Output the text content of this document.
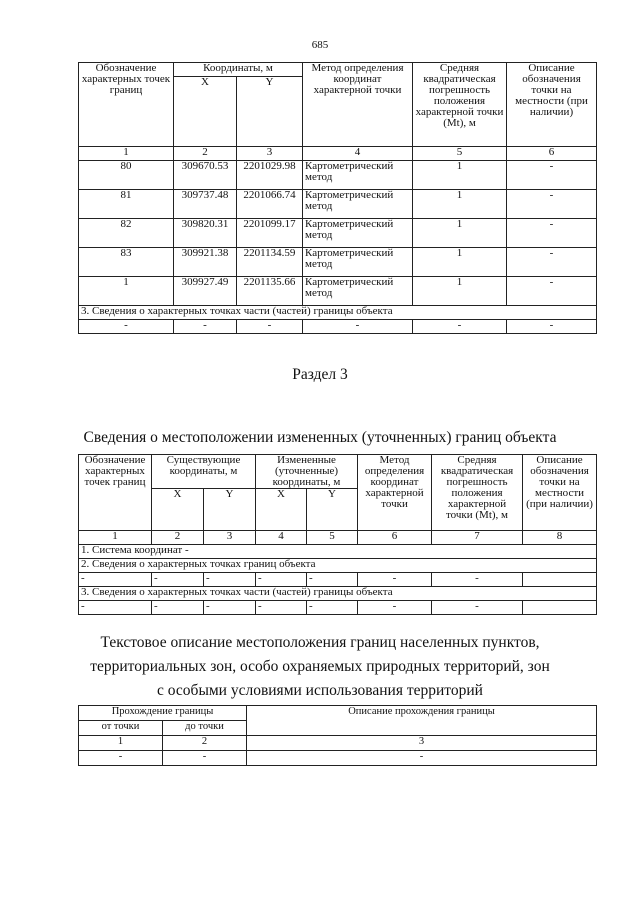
685
Обозначение характерных точек границ	Координаты, м		Метод определения координат характерной точки	Средняя квадратическая погрешность положения характерной точки (Mt), м	Описание обозначения точки на местности (при наличии)
	X	Y			
1	2	3	4	5	6
80	309670.53	2201029.98	Картометрический метод	1	-
81	309737.48	2201066.74	Картометрический метод	1	-
82	309820.31	2201099.17	Картометрический метод	1	-
83	309921.38	2201134.59	Картометрический метод	1	-
1	309927.49	2201135.66	Картометрический метод	1	-
3. Сведения о характерных точках части (частей) границы объекта					
-	-	-	-	-	-
Раздел 3
Сведения о местоположении измененных (уточненных) границ объекта
Обозначение характерных точек границ	Существующие координаты, м		Измененные (уточненные) координаты, м		Метод определения координат характерной точки	Средняя квадратическая погрешность положения характерной точки (Mt), м	Описание обозначения точки на местности (при наличии)
	X	Y	X	Y			
1	2	3	4	5	6	7	8
1. Система координат -							
2. Сведения о характерных точках границ объекта							
-	-	-	-	-	-	-	
3. Сведения о характерных точках части (частей) границы объекта							
-	-	-	-	-	-	-	
Текстовое описание местоположения границ населенных пунктов,
территориальных зон, особо охраняемых природных территорий, зон
с особыми условиями использования территорий
Прохождение границы		Описание прохождения границы
от точки	до точки	
1	2	3
-	-	-
